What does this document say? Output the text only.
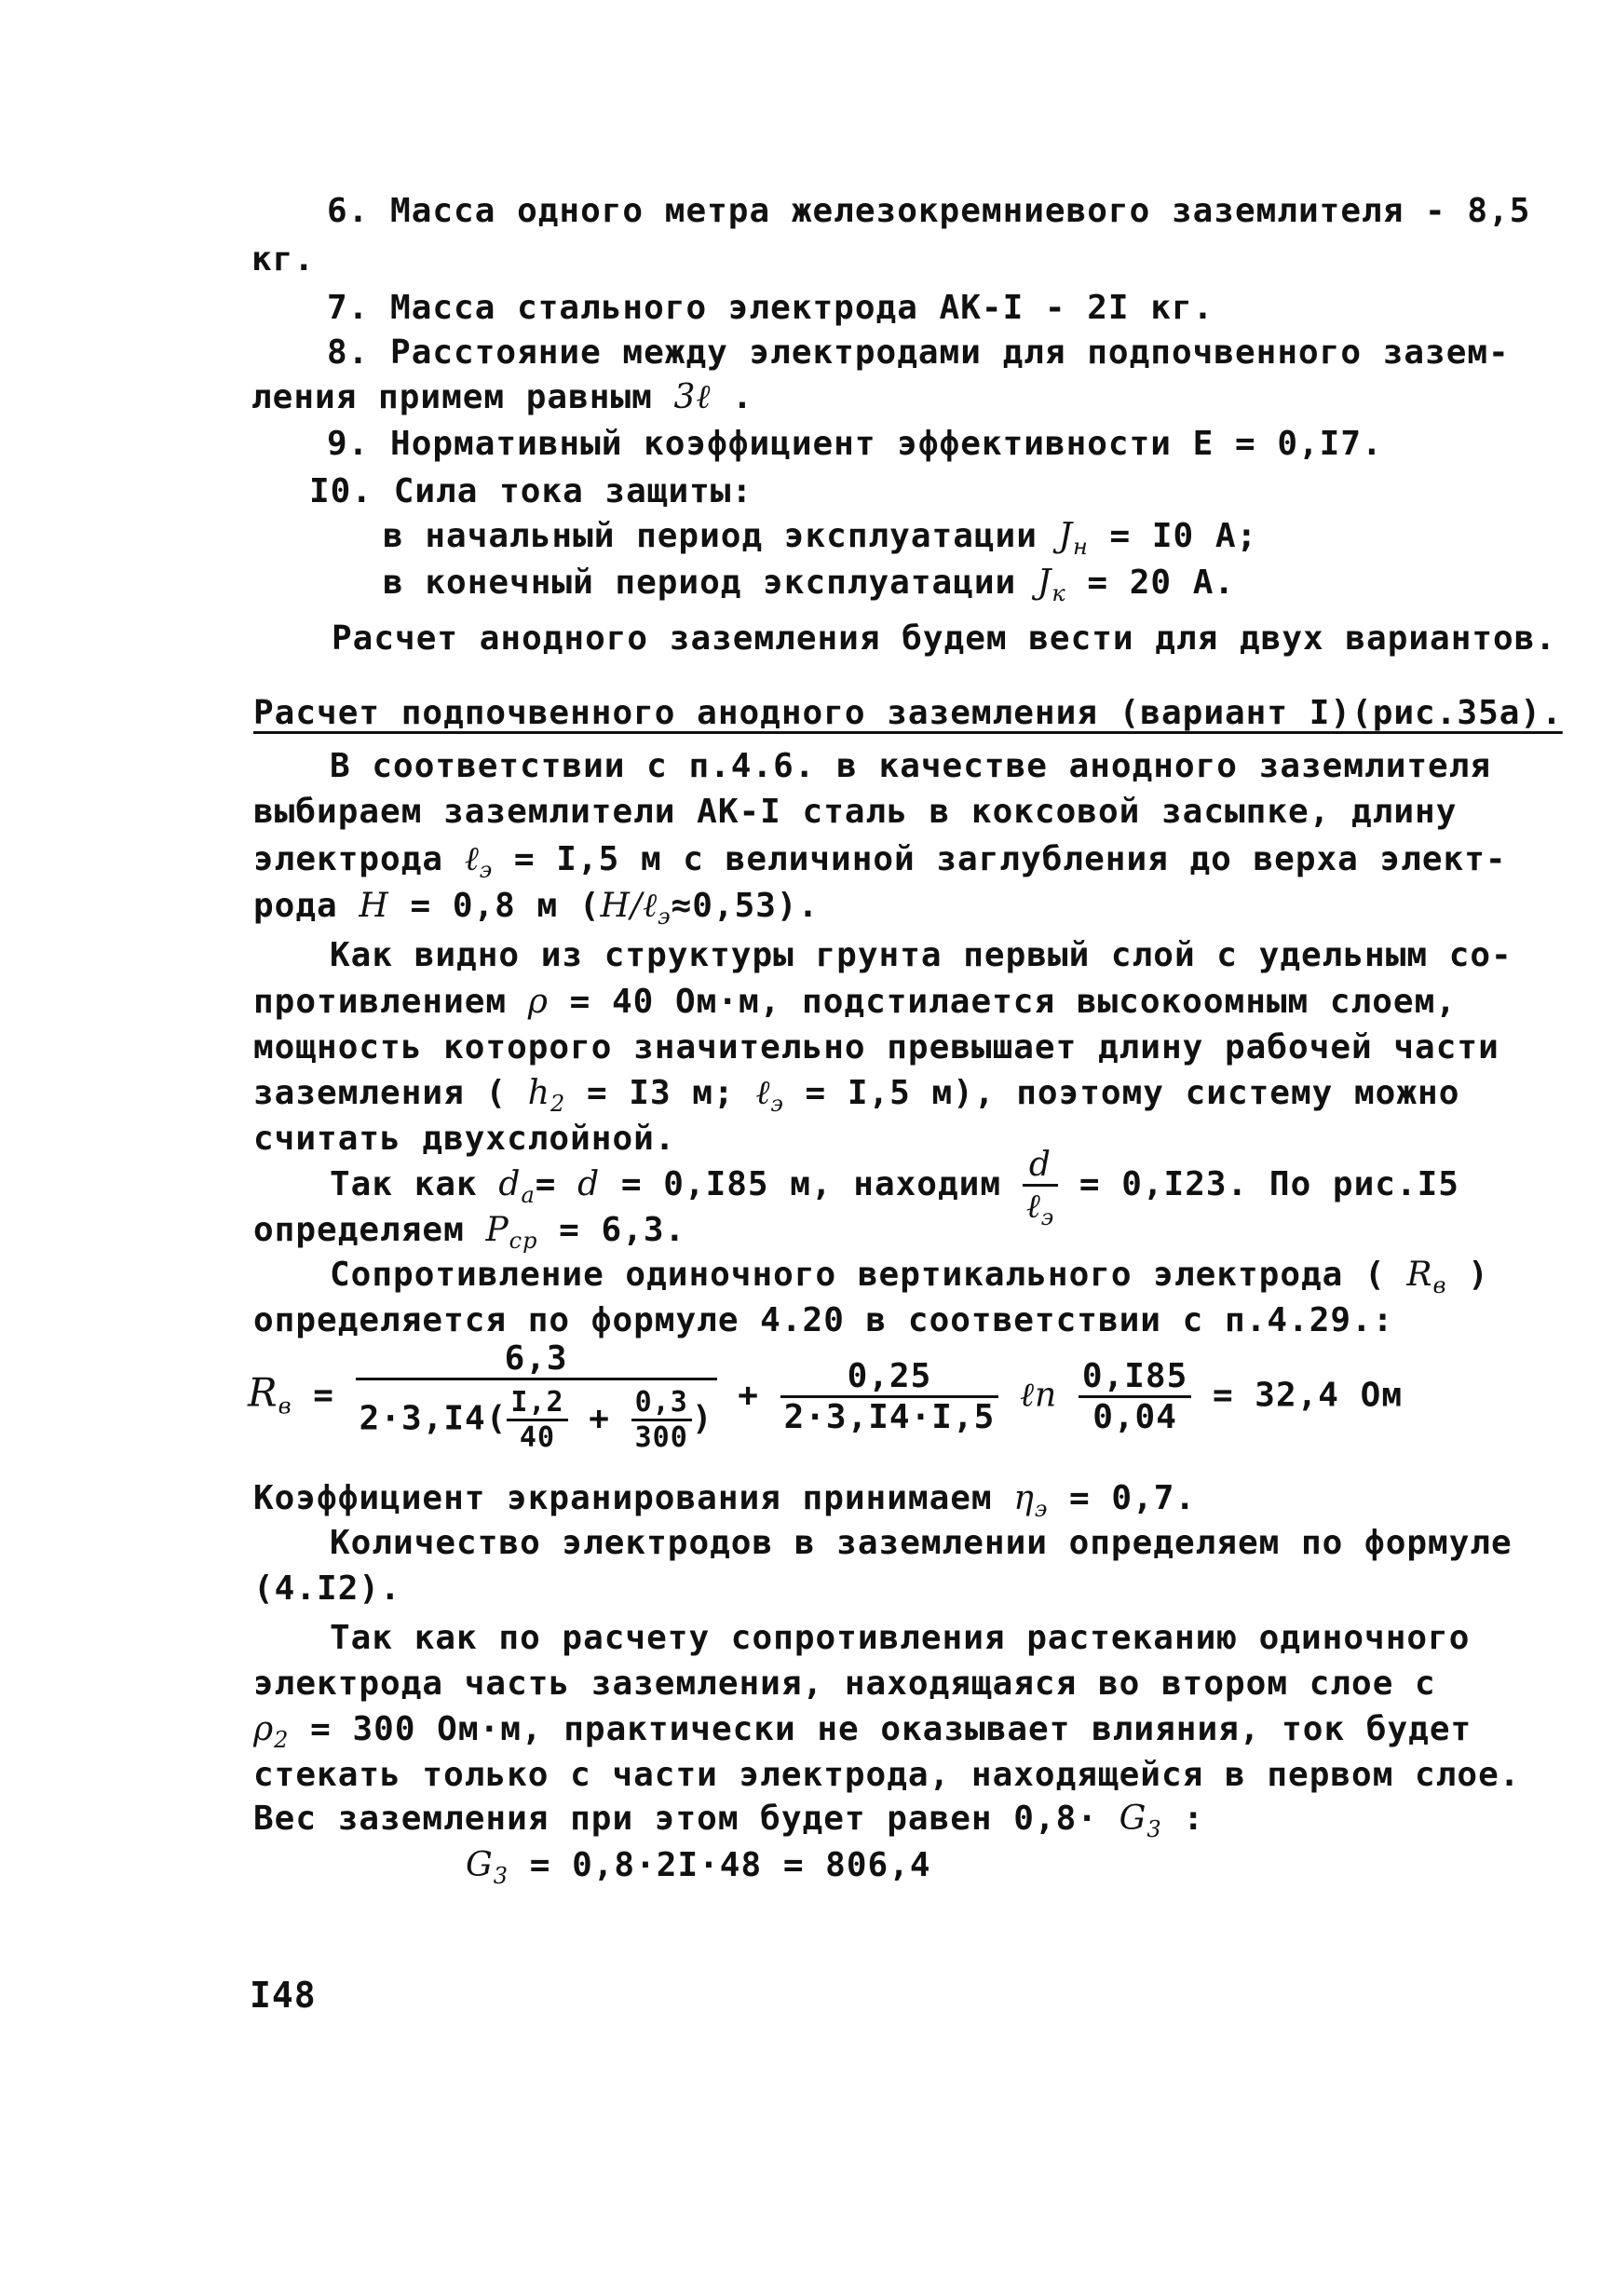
6. Масса одного метра железокремниевого заземлителя - 8,5
кг.
7. Масса стального электрода АК-I - 2I кг.
8. Расстояние между электродами для подпочвенного зазем-
ления примем равным 3ℓ .
9. Нормативный коэффициент эффективности Е = 0,I7.
I0. Сила тока защиты:
в начальный период эксплуатации $J_н = I0$ А;
в конечный период эксплуатации $J_к = 20$ А.
Расчет анодного заземления будем вести для двух вариантов.
Расчет подпочвенного анодного заземления (вариант I)(рис.35а).
В соответствии с п.4.6. в качестве анодного заземлителя
выбираем заземлители АК-I сталь в коксовой засыпке, длину
электрода ℓ$_э$ = I,5 м с величиной заглубления до верха элект-
рода H = 0,8 м (H/ℓ$_э$≈0,53).
Как видно из структуры грунта первый слой с удельным со-
противлением ρ = 40 Ом·м, подстилается высокоомным слоем,
мощность которого значительно превышает длину рабочей части
заземления ( $h_2 = I3$ м; ℓ$_э$ = I,5 м), поэтому систему можно
считать двухслойной.
Так как $d_a= d = 0,I85$ м, находим $\frac{d}{\ell_э} = 0,I23$. По рис.I5
определяем $P_{cp} = 6,3$.
Сопротивление одиночного вертикального электрода ( $R_в$ )
определяется по формуле 4.20 в соответствии с п.4.29.:
$R_в = \frac{6,3}{2\cdot 3,I4( \frac{I,2}{40} + \frac{0,3}{300} )} + \frac{0,25}{2\cdot 3,I4\cdot I,5}$ ℓn $\frac{0,I85}{0,04} = 32,4$ Ом
Коэффициент экранирования принимаем $\eta_э = 0,7$.
Количество электродов в заземлении определяем по формуле
(4.I2).
Так как по расчету сопротивления растеканию одиночного
электрода часть заземления, находящаяся во втором слое с
$\rho_2 = 300$ Ом·м, практически не оказывает влияния, ток будет
стекать только с части электрода, находящейся в первом слое.
Вес заземления при этом будет равен $0,8\cdot G_3$ :
$G_3 = 0,8\cdot 2I\cdot 48 = 806,4$
I48
